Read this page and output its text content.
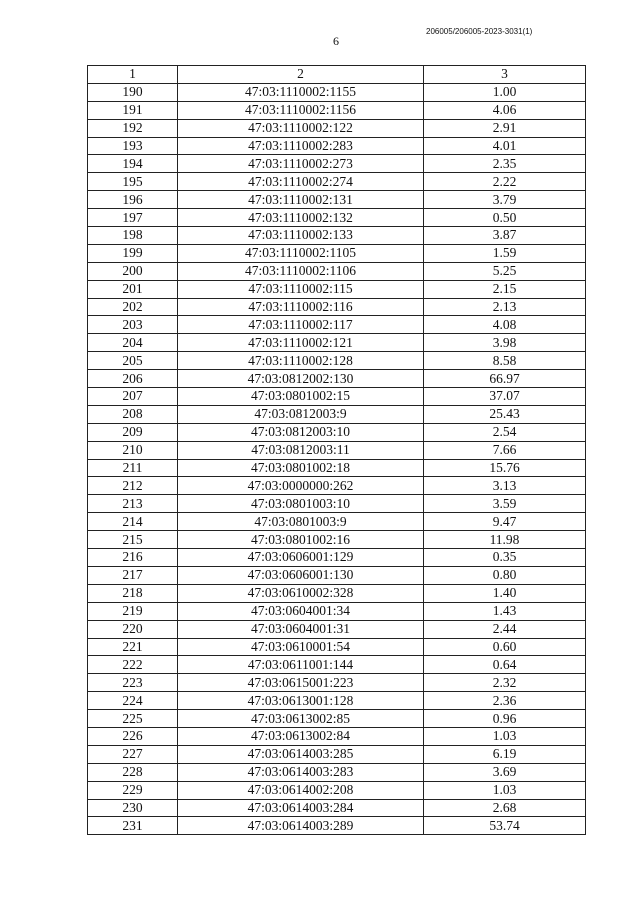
206005/206005-2023-3031(1)
6
1	2	3
190	47:03:1110002:1155	1.00
191	47:03:1110002:1156	4.06
192	47:03:1110002:122	2.91
193	47:03:1110002:283	4.01
194	47:03:1110002:273	2.35
195	47:03:1110002:274	2.22
196	47:03:1110002:131	3.79
197	47:03:1110002:132	0.50
198	47:03:1110002:133	3.87
199	47:03:1110002:1105	1.59
200	47:03:1110002:1106	5.25
201	47:03:1110002:115	2.15
202	47:03:1110002:116	2.13
203	47:03:1110002:117	4.08
204	47:03:1110002:121	3.98
205	47:03:1110002:128	8.58
206	47:03:0812002:130	66.97
207	47:03:0801002:15	37.07
208	47:03:0812003:9	25.43
209	47:03:0812003:10	2.54
210	47:03:0812003:11	7.66
211	47:03:0801002:18	15.76
212	47:03:0000000:262	3.13
213	47:03:0801003:10	3.59
214	47:03:0801003:9	9.47
215	47:03:0801002:16	11.98
216	47:03:0606001:129	0.35
217	47:03:0606001:130	0.80
218	47:03:0610002:328	1.40
219	47:03:0604001:34	1.43
220	47:03:0604001:31	2.44
221	47:03:0610001:54	0.60
222	47:03:0611001:144	0.64
223	47:03:0615001:223	2.32
224	47:03:0613001:128	2.36
225	47:03:0613002:85	0.96
226	47:03:0613002:84	1.03
227	47:03:0614003:285	6.19
228	47:03:0614003:283	3.69
229	47:03:0614002:208	1.03
230	47:03:0614003:284	2.68
231	47:03:0614003:289	53.74
